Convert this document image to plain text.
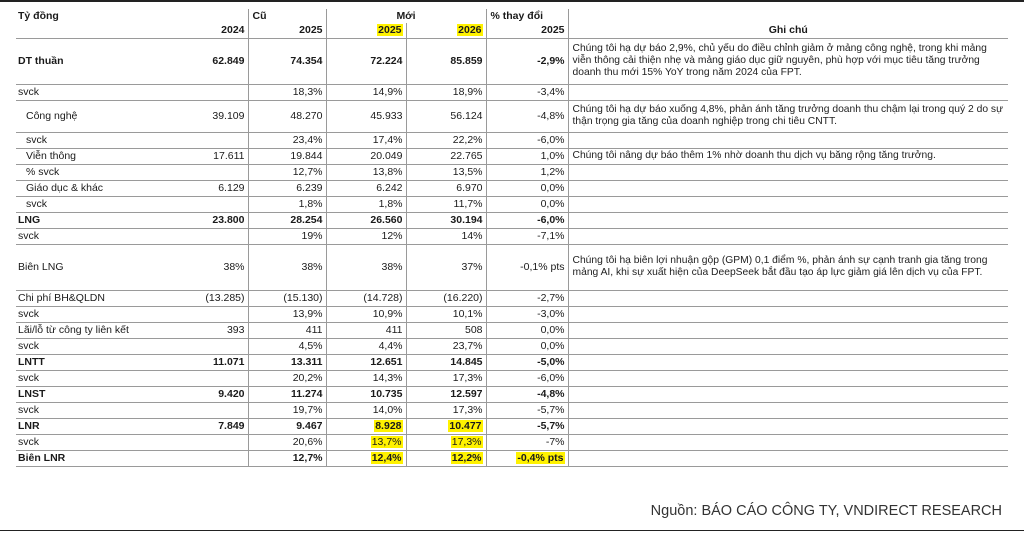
Tỷ đồng		Cũ	Mới		% thay đổi	
	2024	2025	2025	2026	2025	Ghi chú
DT thuần	62.849	74.354	72.224	85.859	-2,9%	Chúng tôi hạ dự báo 2,9%, chủ yếu do điều chỉnh giảm ở mảng công nghệ, trong khi mảng viễn thông cải thiện nhẹ và mảng giáo dục giữ nguyên, phù hợp với mục tiêu tăng trưởng doanh thu mới 15% YoY trong năm 2024 của FPT.
svck		18,3%	14,9%	18,9%	-3,4%	
Công nghệ	39.109	48.270	45.933	56.124	-4,8%	Chúng tôi hạ dự báo xuống 4,8%, phản ánh tăng trưởng doanh thu chậm lại trong quý 2 do sự thận trọng gia tăng của doanh nghiệp trong chi tiêu CNTT.
svck		23,4%	17,4%	22,2%	-6,0%	
Viễn thông	17.611	19.844	20.049	22.765	1,0%	Chúng tôi nâng dự báo thêm 1% nhờ doanh thu dịch vụ băng rộng tăng trưởng.
% svck		12,7%	13,8%	13,5%	1,2%	
Giáo dục & khác	6.129	6.239	6.242	6.970	0,0%	
svck		1,8%	1,8%	11,7%	0,0%	
LNG	23.800	28.254	26.560	30.194	-6,0%	
svck		19%	12%	14%	-7,1%	
Biên LNG	38%	38%	38%	37%	-0,1% pts	Chúng tôi hạ biên lợi nhuận gộp (GPM) 0,1 điểm %, phản ánh sự cạnh tranh gia tăng trong mảng AI, khi sự xuất hiện của DeepSeek bắt đầu tạo áp lực giảm giá lên dịch vụ của FPT.
Chi phí BH&QLDN	(13.285)	(15.130)	(14.728)	(16.220)	-2,7%	
svck		13,9%	10,9%	10,1%	-3,0%	
Lãi/lỗ từ công ty liên kết	393	411	411	508	0,0%	
svck		4,5%	4,4%	23,7%	0,0%	
LNTT	11.071	13.311	12.651	14.845	-5,0%	
svck		20,2%	14,3%	17,3%	-6,0%	
LNST	9.420	11.274	10.735	12.597	-4,8%	
svck		19,7%	14,0%	17,3%	-5,7%	
LNR	7.849	9.467	8.928	10.477	-5,7%	
svck		20,6%	13,7%	17,3%	-7%	
Biên LNR		12,7%	12,4%	12,2%	-0,4% pts	
Nguồn: BÁO CÁO CÔNG TY, VNDIRECT RESEARCH
